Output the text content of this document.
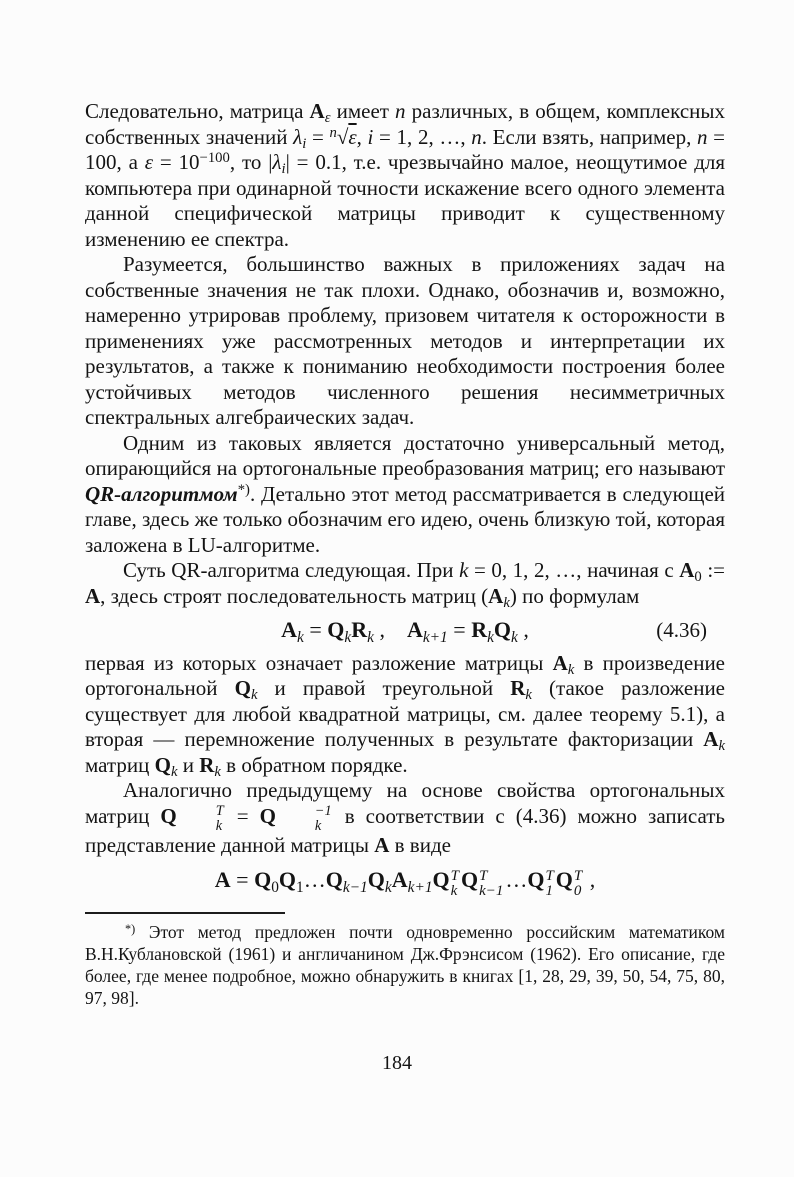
Следовательно, матрица $A_\varepsilon$ имеет n различных, в общем, комплексных собственных значений $\lambda_i = ^n√\varepsilon$, i = 1, 2, …, n. Если взять, например, n = 100, а $\varepsilon = 10^{-100}$, то $|\lambda_i| = 0.1$, т.е. чрезвычайно малое, неощутимое для компьютера при одинарной точности искажение всего одного элемента данной специфической матрицы приводит к существенному изменению ее спектра.

Разумеется, большинство важных в приложениях задач на собственные значения не так плохи. Однако, обозначив и, возможно, намеренно утрировав проблему, призовем читателя к осторожности в применениях уже рассмотренных методов и интерпретации их результатов, а также к пониманию необходимости построения более устойчивых методов численного решения несимметричных спектральных алгебраических задач.

Одним из таковых является достаточно универсальный метод, опирающийся на ортогональные преобразования матриц; его называют QR-алгоритмом*). Детально этот метод рассматривается в следующей главе, здесь же только обозначим его идею, очень близкую той, которая заложена в LU-алгоритме.

Суть QR-алгоритма следующая. При k = 0, 1, 2, …, начиная с $A_0$ := A, здесь строят последовательность матриц $(A_k)$ по формулам

$A_k = Q_kR_k$ ,    $A_{k+1} = R_kQ_k$ ,	(4.36)

первая из которых означает разложение матрицы $A_k$ в произведение ортогональной $Q_k$ и правой треугольной $R_k$ (такое разложение существует для любой квадратной матрицы, см. далее теорему 5.1), а вторая — перемножение полученных в результате факторизации $A_k$ матриц $Q_k$ и $R_k$ в обратном порядке.

Аналогично предыдущему на основе свойства ортогональных матриц Q	T
k = Q	−1
k в соответствии с (4.36) можно записать представление данной матрицы A в виде

$A = Q_0Q_1\dots Q_{k-1}Q_kA_{k+1}Q$ T
k Q T
k−1 …Q T
1 Q T
0 ,

*) Этот метод предложен почти одновременно российским математиком В.Н.Кублановской (1961) и англичанином Дж.Фрэнсисом (1962). Его описание, где более, где менее подробное, можно обнаружить в книгах [1, 28, 29, 39, 50, 54, 75, 80, 97, 98].

184
